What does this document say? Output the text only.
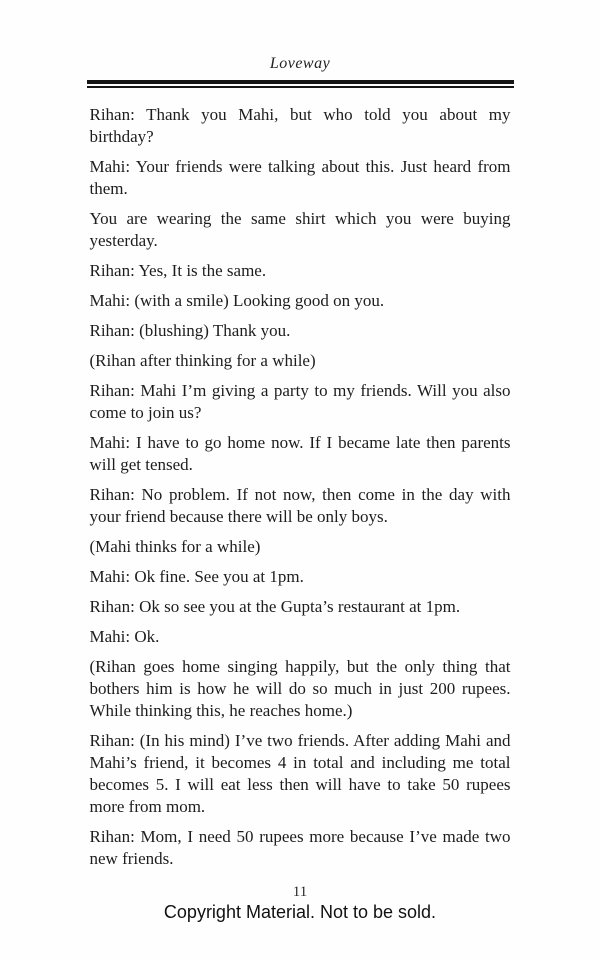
Loveway

Rihan: Thank you Mahi, but who told you about my birthday?

Mahi: Your friends were talking about this. Just heard from them.

You are wearing the same shirt which you were buying yesterday.

Rihan: Yes, It is the same.

Mahi: (with a smile) Looking good on you.

Rihan: (blushing) Thank you.

(Rihan after thinking for a while)

Rihan: Mahi I’m giving a party to my friends. Will you also come to join us?

Mahi: I have to go home now. If I became late then parents will get tensed.

Rihan: No problem. If not now, then come in the day with your friend because there will be only boys.

(Mahi thinks for a while)

Mahi: Ok fine. See you at 1pm.

Rihan: Ok so see you at the Gupta’s restaurant at 1pm.

Mahi: Ok.

(Rihan goes home singing happily, but the only thing that bothers him is how he will do so much in just 200 rupees. While thinking this, he reaches home.)

Rihan: (In his mind) I’ve two friends. After adding Mahi and Mahi’s friend, it becomes 4 in total and including me total becomes 5. I will eat less then will have to take 50 rupees more from mom.

Rihan: Mom, I need 50 rupees more because I’ve made two new friends.

11
Copyright Material. Not to be sold.
